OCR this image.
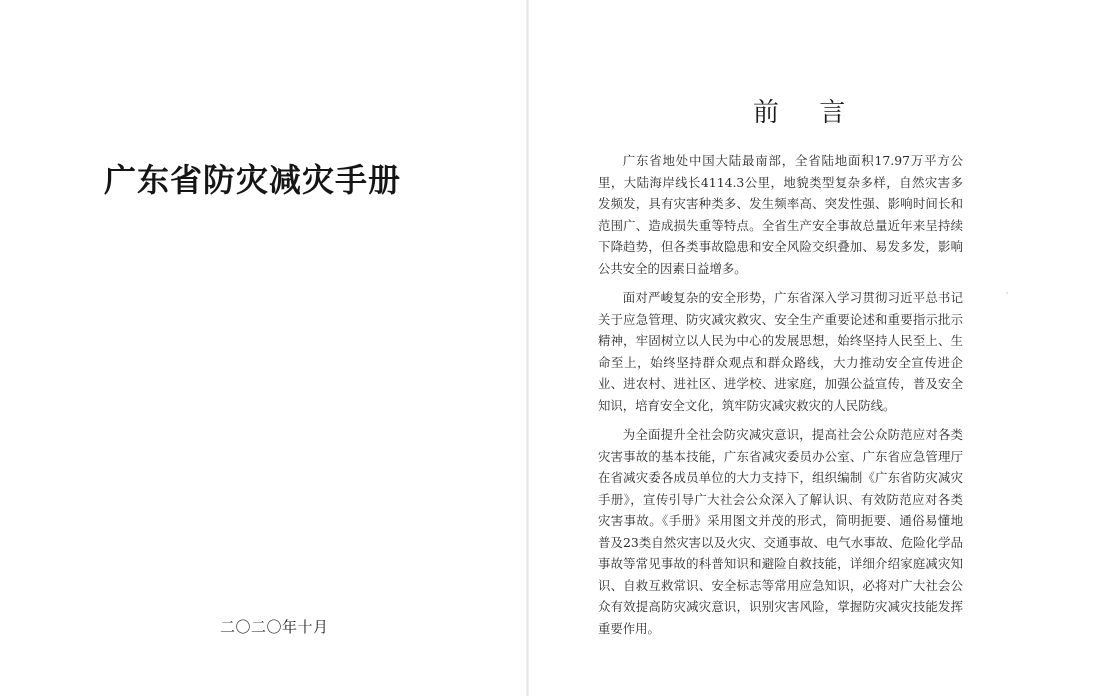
广东省防灾减灾手册
二〇二〇年十月
前 言

广东省地处中国大陆最南部，全省陆地面积17.97万平方公里，大陆海岸线长4114.3公里，地貌类型复杂多样，自然灾害多发频发，具有灾害种类多、发生频率高、突发性强、影响时间长和范围广、造成损失重等特点。全省生产安全事故总量近年来呈持续下降趋势，但各类事故隐患和安全风险交织叠加、易发多发，影响公共安全的因素日益增多。

面对严峻复杂的安全形势，广东省深入学习贯彻习近平总书记关于应急管理、防灾减灾救灾、安全生产重要论述和重要指示批示精神，牢固树立以人民为中心的发展思想，始终坚持人民至上、生命至上，始终坚持群众观点和群众路线，大力推动安全宣传进企业、进农村、进社区、进学校、进家庭，加强公益宣传，普及安全知识，培育安全文化，筑牢防灾减灾救灾的人民防线。

为全面提升全社会防灾减灾意识，提高社会公众防范应对各类灾害事故的基本技能，广东省减灾委员办公室、广东省应急管理厅在省减灾委各成员单位的大力支持下，组织编制《广东省防灾减灾手册》，宣传引导广大社会公众深入了解认识、有效防范应对各类灾害事故。《手册》采用图文并茂的形式，简明扼要、通俗易懂地普及23类自然灾害以及火灾、交通事故、电气水事故、危险化学品事故等常见事故的科普知识和避险自救技能，详细介绍家庭减灾知识、自救互救常识、安全标志等常用应急知识，必将对广大社会公众有效提高防灾减灾意识，识别灾害风险，掌握防灾减灾技能发挥重要作用。
